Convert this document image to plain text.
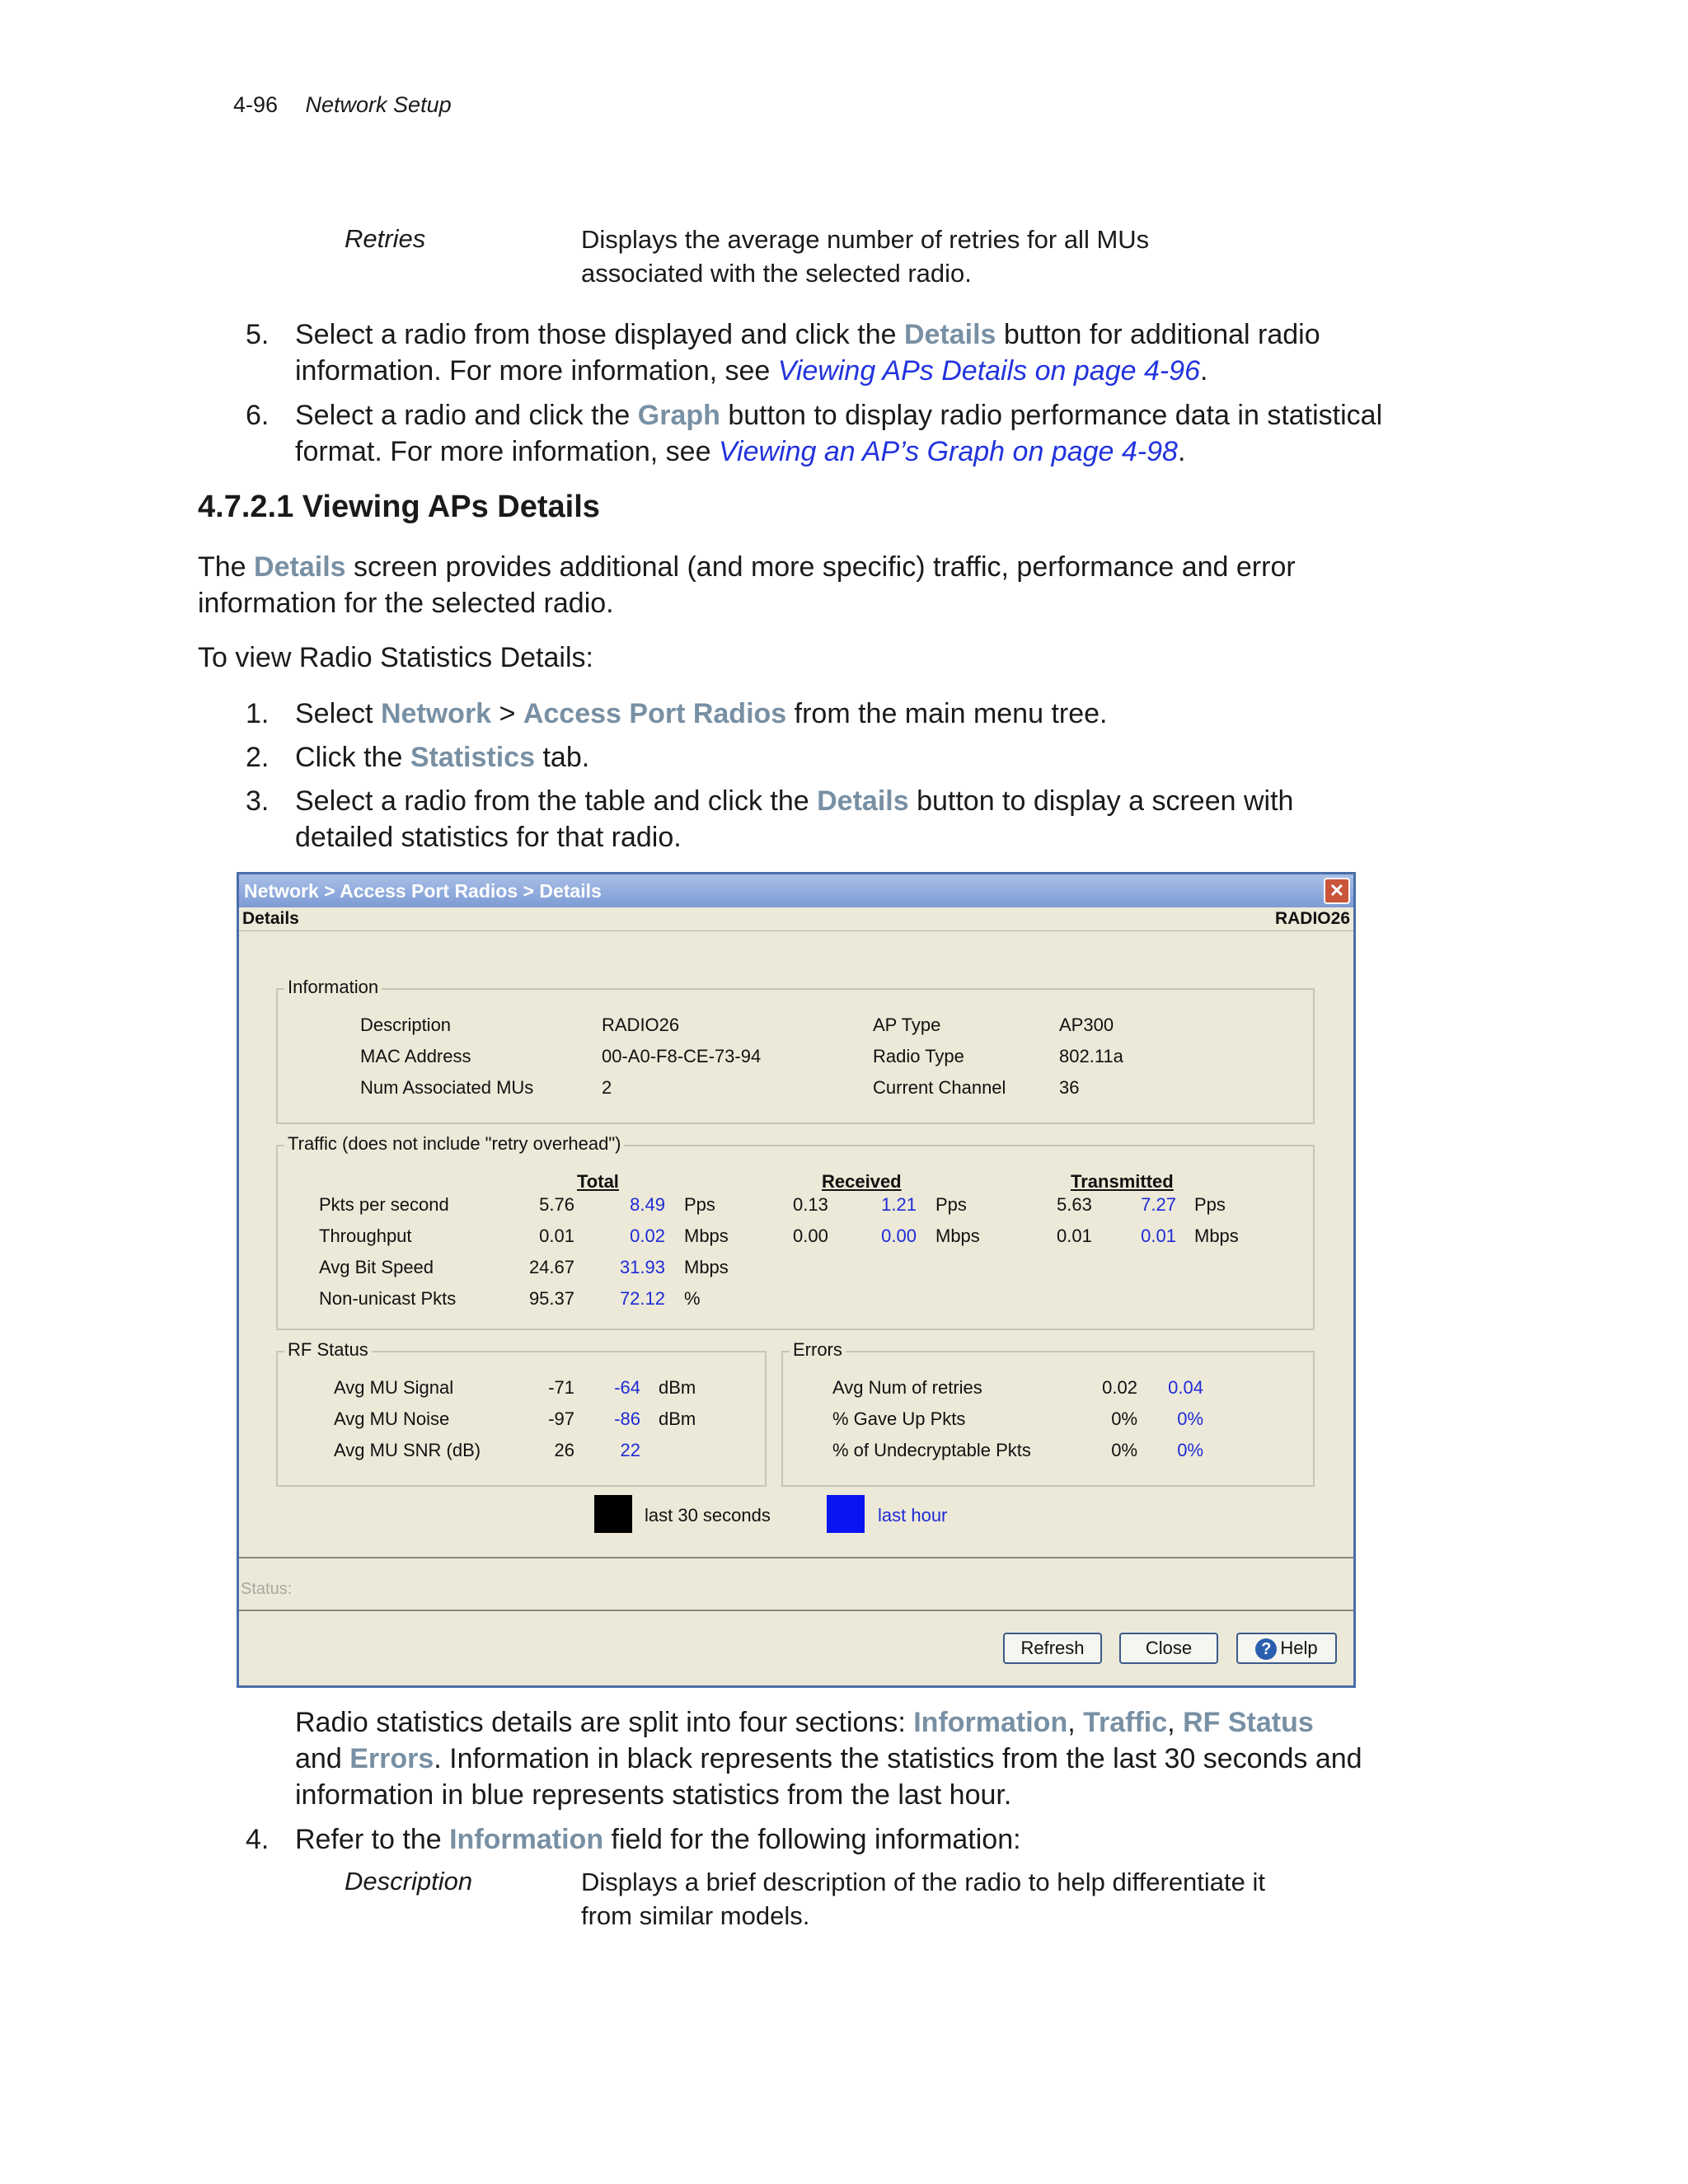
4-96 Network Setup
Retries	Displays the average number of retries for all MUs associated with the selected radio.
5. Select a radio from those displayed and click the Details button for additional radio information. For more information, see Viewing APs Details on page 4-96.
6. Select a radio and click the Graph button to display radio performance data in statistical format. For more information, see Viewing an AP’s Graph on page 4-98.
4.7.2.1 Viewing APs Details
The Details screen provides additional (and more specific) traffic, performance and error information for the selected radio.
To view Radio Statistics Details:
1. Select Network > Access Port Radios from the main menu tree.
2. Click the Statistics tab.
3. Select a radio from the table and click the Details button to display a screen with detailed statistics for that radio.
Network > Access Port Radios > Details	✕
Details	RADIO26
Information
Description	RADIO26	AP Type	AP300
MAC Address	00-A0-F8-CE-73-94	Radio Type	802.11a
Num Associated MUs	2	Current Channel	36
Traffic (does not include "retry overhead")
Total	Received	Transmitted
Pkts per second	5.76	8.49 Pps	0.13	1.21 Pps	5.63	7.27 Pps
Throughput	0.01	0.02 Mbps	0.00	0.00 Mbps	0.01	0.01 Mbps
Avg Bit Speed	24.67	31.93 Mbps
Non-unicast Pkts	95.37	72.12 %
RF Status
Avg MU Signal	-71	-64 dBm
Avg MU Noise	-97	-86 dBm
Avg MU SNR (dB)	26	22
Errors
Avg Num of retries	0.02	0.04
% Gave Up Pkts	0%	0%
% of Undecryptable Pkts	0%	0%
last 30 seconds	last hour
Status:
Refresh	Close	? Help
Radio statistics details are split into four sections: Information, Traffic, RF Status and Errors. Information in black represents the statistics from the last 30 seconds and information in blue represents statistics from the last hour.
4. Refer to the Information field for the following information:
Description	Displays a brief description of the radio to help differentiate it from similar models.
